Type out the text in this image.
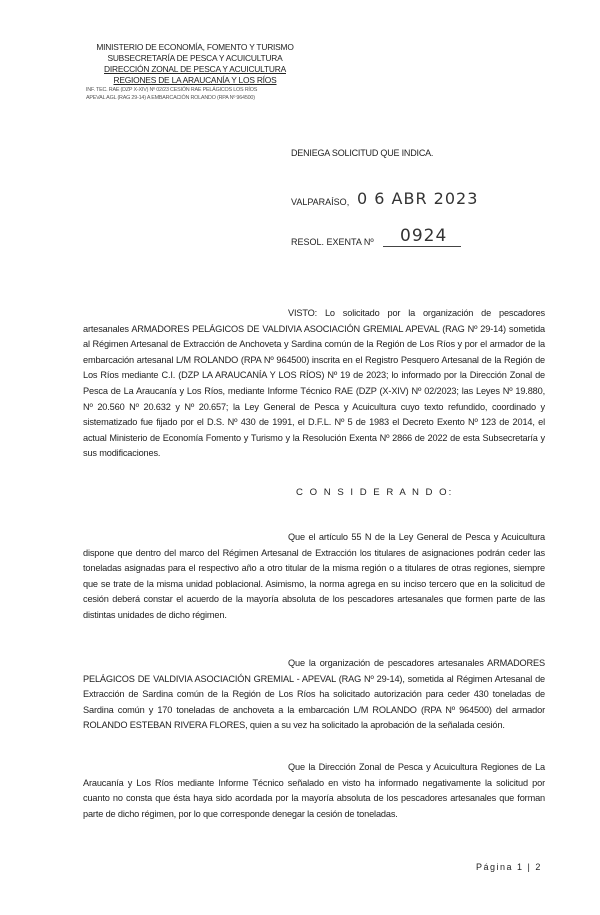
MINISTERIO DE ECONOMÍA, FOMENTO Y TURISMO
SUBSECRETARÍA DE PESCA Y ACUICULTURA
DIRECCIÓN ZONAL DE PESCA Y ACUICULTURA
REGIONES DE LA ARAUCANÍA Y LOS RÍOS
INF. TEC. RAE (DZP X-XIV) Nº 02/23 CESIÓN RAE PELÁGICOS LOS RÍOS
APEVAL AGL (RAG 29-14) A EMBARCACIÓN ROLANDO (RPA Nº 964500)
DENIEGA SOLICITUD QUE INDICA.
VALPARAÍSO, 0 6 ABR 2023
RESOL. EXENTA Nº 0924
VISTO: Lo solicitado por la organización de pescadores artesanales ARMADORES PELÁGICOS DE VALDIVIA ASOCIACIÓN GREMIAL APEVAL (RAG Nº 29-14) sometida al Régimen Artesanal de Extracción de Anchoveta y Sardina común de la Región de Los Ríos y por el armador de la embarcación artesanal L/M ROLANDO (RPA Nº 964500) inscrita en el Registro Pesquero Artesanal de la Región de Los Ríos mediante C.I. (DZP LA ARAUCANÍA Y LOS RÍOS) Nº 19 de 2023; lo informado por la Dirección Zonal de Pesca de La Araucanía y Los Ríos, mediante Informe Técnico RAE (DZP (X-XIV) Nº 02/2023; las Leyes Nº 19.880, Nº 20.560 Nº 20.632 y Nº 20.657; la Ley General de Pesca y Acuicultura cuyo texto refundido, coordinado y sistematizado fue fijado por el D.S. Nº 430 de 1991, el D.F.L. Nº 5 de 1983 el Decreto Exento Nº 123 de 2014, el actual Ministerio de Economía Fomento y Turismo y la Resolución Exenta Nº 2866 de 2022 de esta Subsecretaría y sus modificaciones.
C O N S I D E R A N D O:
Que el artículo 55 N de la Ley General de Pesca y Acuicultura dispone que dentro del marco del Régimen Artesanal de Extracción los titulares de asignaciones podrán ceder las toneladas asignadas para el respectivo año a otro titular de la misma región o a titulares de otras regiones, siempre que se trate de la misma unidad poblacional. Asimismo, la norma agrega en su inciso tercero que en la solicitud de cesión deberá constar el acuerdo de la mayoría absoluta de los pescadores artesanales que formen parte de las distintas unidades de dicho régimen.
Que la organización de pescadores artesanales ARMADORES PELÁGICOS DE VALDIVIA ASOCIACIÓN GREMIAL - APEVAL (RAG Nº 29-14), sometida al Régimen Artesanal de Extracción de Sardina común de la Región de Los Ríos ha solicitado autorización para ceder 430 toneladas de Sardina común y 170 toneladas de anchoveta a la embarcación L/M ROLANDO (RPA Nº 964500) del armador ROLANDO ESTEBAN RIVERA FLORES, quien a su vez ha solicitado la aprobación de la señalada cesión.
Que la Dirección Zonal de Pesca y Acuicultura Regiones de La Araucanía y Los Ríos mediante Informe Técnico señalado en visto ha informado negativamente la solicitud por cuanto no consta que ésta haya sido acordada por la mayoría absoluta de los pescadores artesanales que forman parte de dicho régimen, por lo que corresponde denegar la cesión de toneladas.
Página 1 | 2
